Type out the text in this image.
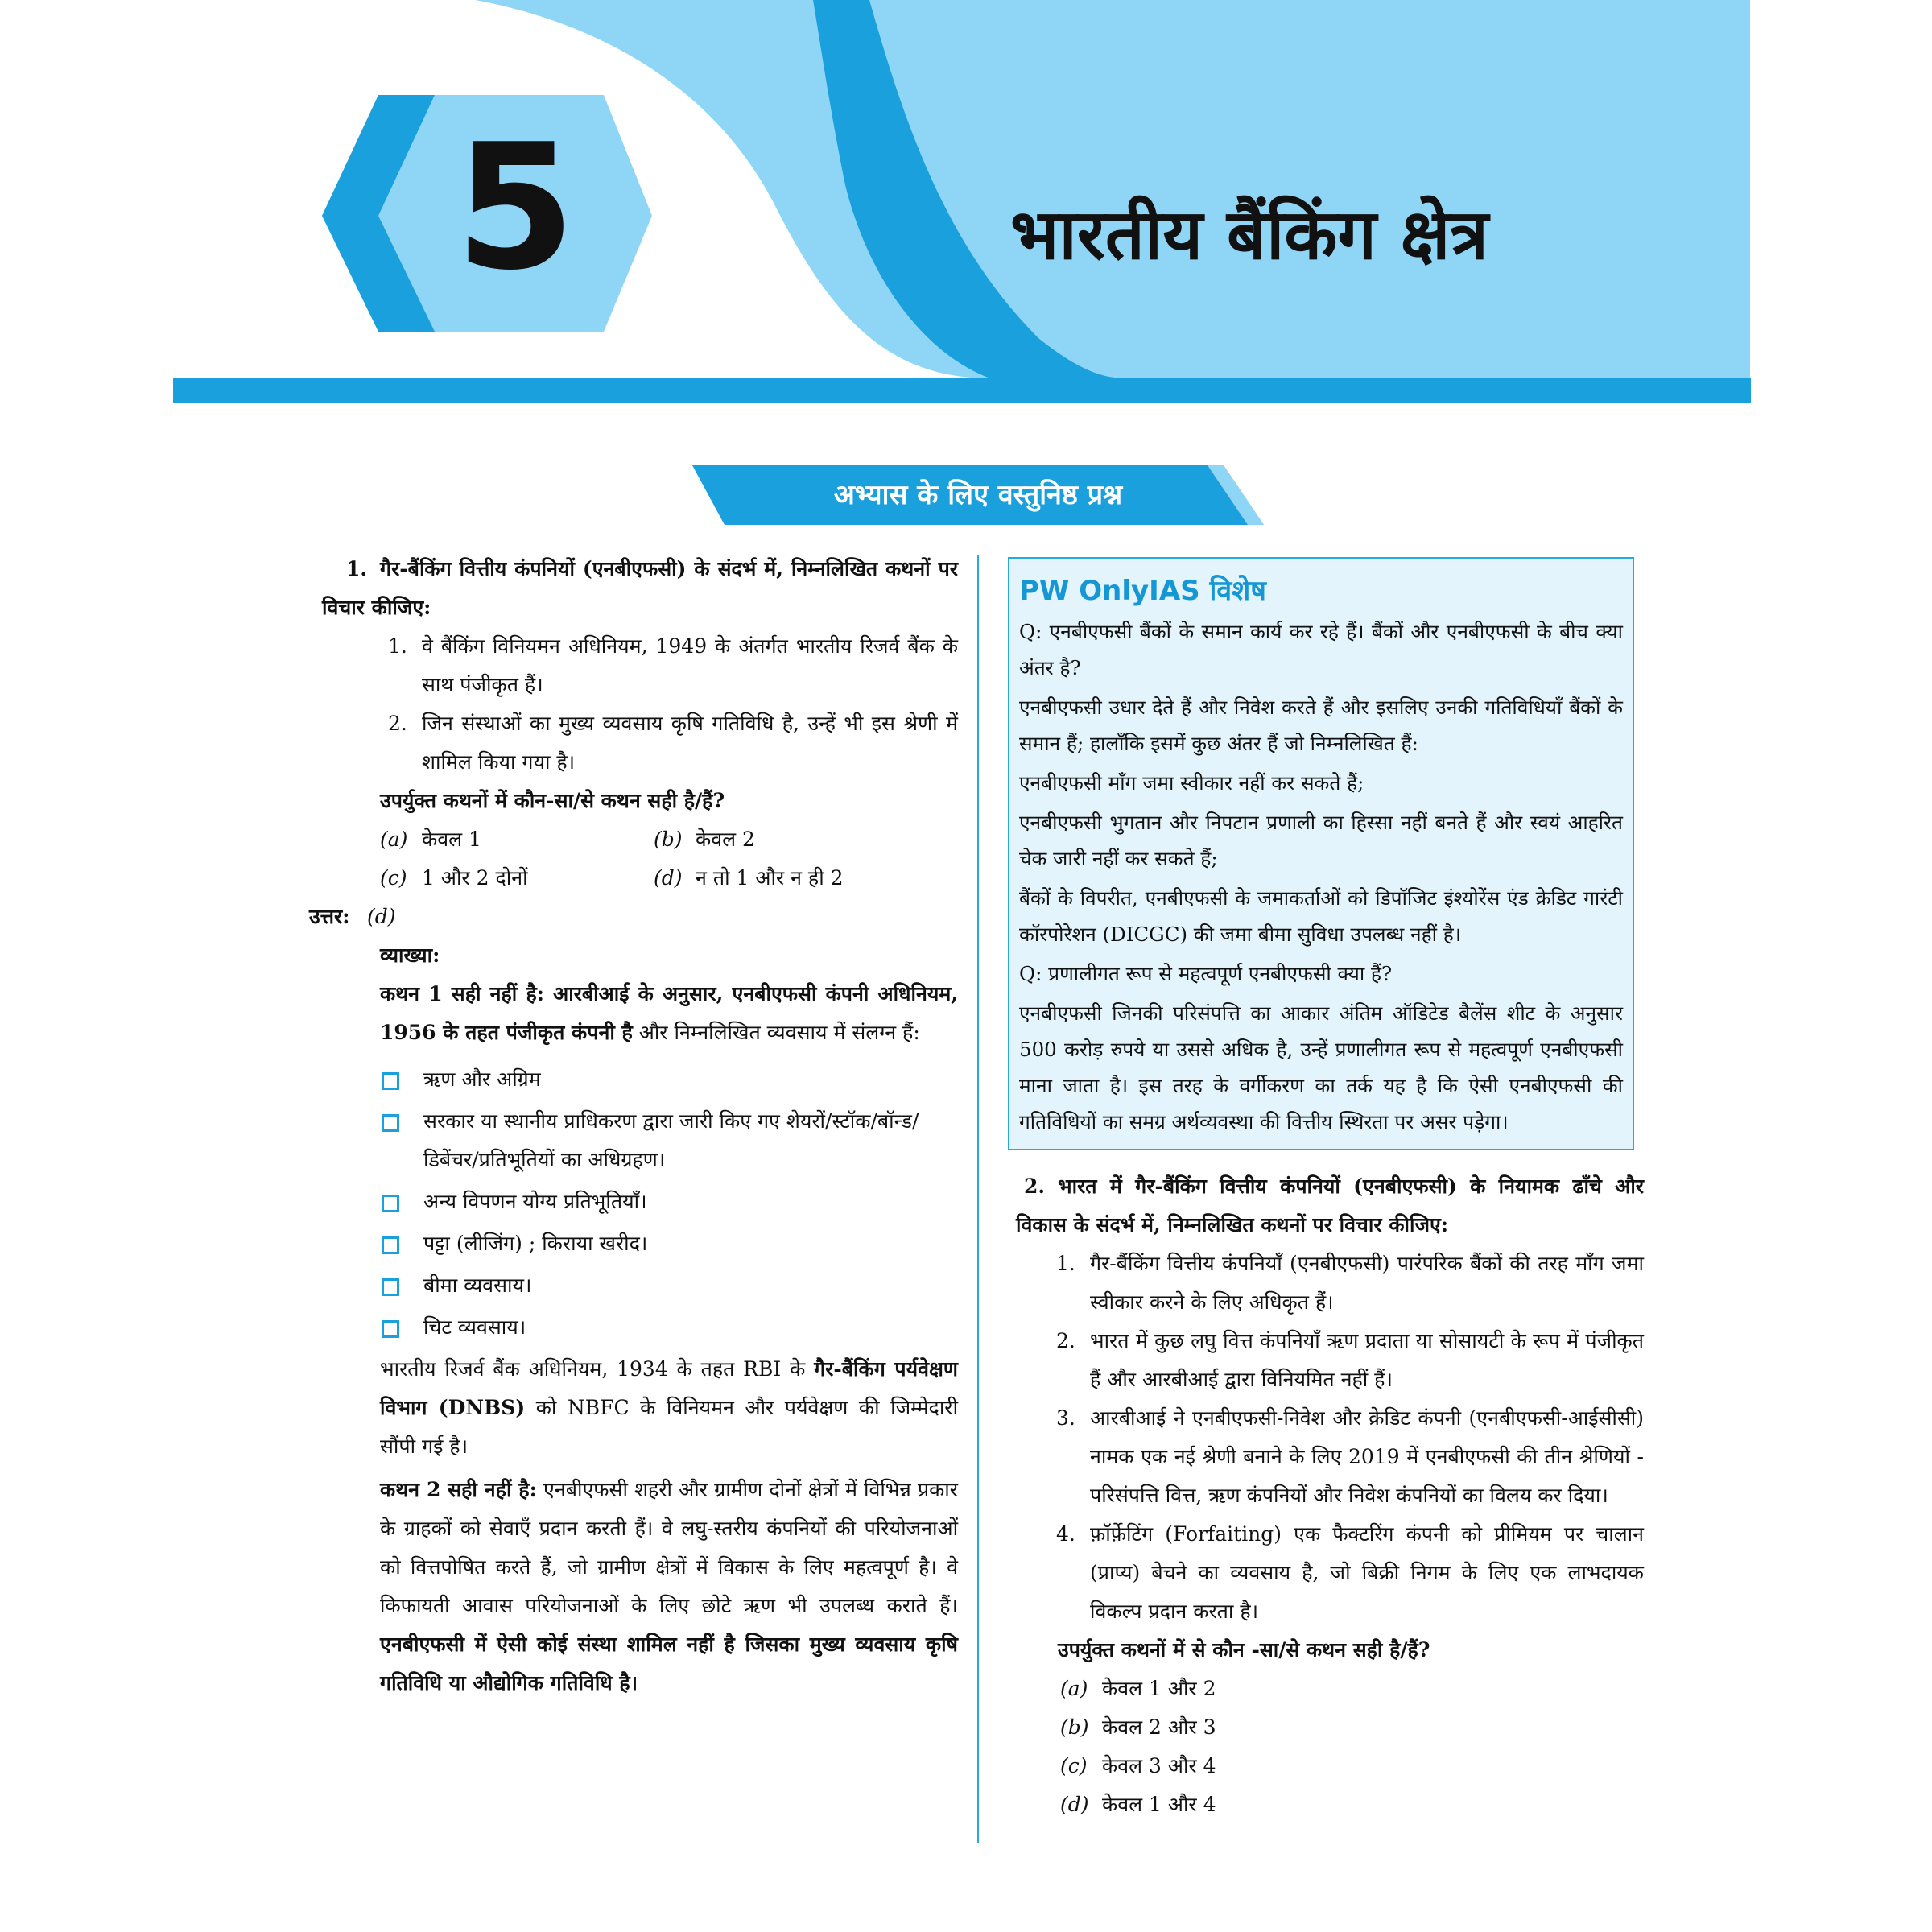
5	भारतीय बैंकिंग क्षेत्र
अभ्यास के लिए वस्तुनिष्ठ प्रश्न
1. गैर-बैंकिंग वित्तीय कंपनियों (एनबीएफसी) के संदर्भ में, निम्नलिखित कथनों पर विचार कीजिए:
1. वे बैंकिंग विनियमन अधिनियम, 1949 के अंतर्गत भारतीय रिजर्व बैंक के साथ पंजीकृत हैं।
2. जिन संस्थाओं का मुख्य व्यवसाय कृषि गतिविधि है, उन्हें भी इस श्रेणी में शामिल किया गया है।
उपर्युक्त कथनों में कौन-सा/से कथन सही है/हैं?
(a) केवल 1	(b) केवल 2
(c) 1 और 2 दोनों	(d) न तो 1 और न ही 2
उत्तर: (d)
व्याख्या:
कथन 1 सही नहीं है: आरबीआई के अनुसार, एनबीएफसी कंपनी अधिनियम, 1956 के तहत पंजीकृत कंपनी है और निम्नलिखित व्यवसाय में संलग्न हैं:
ऋण और अग्रिम
सरकार या स्थानीय प्राधिकरण द्वारा जारी किए गए शेयरों/स्टॉक/बॉन्ड/डिबेंचर/प्रतिभूतियों का अधिग्रहण।
अन्य विपणन योग्य प्रतिभूतियाँ।
पट्टा (लीजिंग) ; किराया खरीद।
बीमा व्यवसाय।
चिट व्यवसाय।
भारतीय रिजर्व बैंक अधिनियम, 1934 के तहत RBI के गैर-बैंकिंग पर्यवेक्षण विभाग (DNBS) को NBFC के विनियमन और पर्यवेक्षण की जिम्मेदारी सौंपी गई है।
कथन 2 सही नहीं है: एनबीएफसी शहरी और ग्रामीण दोनों क्षेत्रों में विभिन्न प्रकार के ग्राहकों को सेवाएँ प्रदान करती हैं। वे लघु-स्तरीय कंपनियों की परियोजनाओं को वित्तपोषित करते हैं, जो ग्रामीण क्षेत्रों में विकास के लिए महत्वपूर्ण है। वे किफायती आवास परियोजनाओं के लिए छोटे ऋण भी उपलब्ध कराते हैं। एनबीएफसी में ऐसी कोई संस्था शामिल नहीं है जिसका मुख्य व्यवसाय कृषि गतिविधि या औद्योगिक गतिविधि है।
PW OnlyIAS विशेष

Q: एनबीएफसी बैंकों के समान कार्य कर रहे हैं। बैंकों और एनबीएफसी के बीच क्या अंतर है?

एनबीएफसी उधार देते हैं और निवेश करते हैं और इसलिए उनकी गतिविधियाँ बैंकों के समान हैं; हालाँकि इसमें कुछ अंतर हैं जो निम्नलिखित हैं:

एनबीएफसी माँग जमा स्वीकार नहीं कर सकते हैं;

एनबीएफसी भुगतान और निपटान प्रणाली का हिस्सा नहीं बनते हैं और स्वयं आहरित चेक जारी नहीं कर सकते हैं;

बैंकों के विपरीत, एनबीएफसी के जमाकर्ताओं को डिपॉजिट इंश्योरेंस एंड क्रेडिट गारंटी कॉरपोरेशन (DICGC) की जमा बीमा सुविधा उपलब्ध नहीं है।

Q: प्रणालीगत रूप से महत्वपूर्ण एनबीएफसी क्या हैं?

एनबीएफसी जिनकी परिसंपत्ति का आकार अंतिम ऑडिटेड बैलेंस शीट के अनुसार 500 करोड़ रुपये या उससे अधिक है, उन्हें प्रणालीगत रूप से महत्वपूर्ण एनबीएफसी माना जाता है। इस तरह के वर्गीकरण का तर्क यह है कि ऐसी एनबीएफसी की गतिविधियों का समग्र अर्थव्यवस्था की वित्तीय स्थिरता पर असर पड़ेगा।

2. भारत में गैर-बैंकिंग वित्तीय कंपनियों (एनबीएफसी) के नियामक ढाँचे और विकास के संदर्भ में, निम्नलिखित कथनों पर विचार कीजिए:
1. गैर-बैंकिंग वित्तीय कंपनियाँ (एनबीएफसी) पारंपरिक बैंकों की तरह माँग जमा स्वीकार करने के लिए अधिकृत हैं।
2. भारत में कुछ लघु वित्त कंपनियाँ ऋण प्रदाता या सोसायटी के रूप में पंजीकृत हैं और आरबीआई द्वारा विनियमित नहीं हैं।
3. आरबीआई ने एनबीएफसी-निवेश और क्रेडिट कंपनी (एनबीएफसी-आईसीसी) नामक एक नई श्रेणी बनाने के लिए 2019 में एनबीएफसी की तीन श्रेणियों - परिसंपत्ति वित्त, ऋण कंपनियों और निवेश कंपनियों का विलय कर दिया।
4. फ़ॉर्फ़ेटिंग (Forfaiting) एक फैक्टरिंग कंपनी को प्रीमियम पर चालान (प्राप्य) बेचने का व्यवसाय है, जो बिक्री निगम के लिए एक लाभदायक विकल्प प्रदान करता है।
उपर्युक्त कथनों में से कौन -सा/से कथन सही है/हैं?
(a) केवल 1 और 2
(b) केवल 2 और 3
(c) केवल 3 और 4
(d) केवल 1 और 4
